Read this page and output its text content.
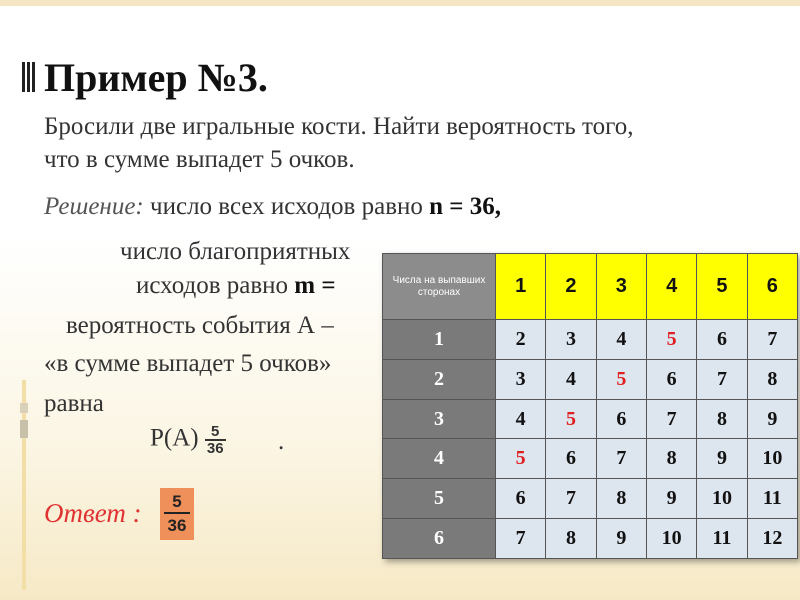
Пример №3.
Бросили две игральные кости. Найти вероятность того,
что в сумме выпадет 5 очков.
Решение: число всех исходов равно n = 36,
число благоприятных
исходов равно m =
вероятность события А –
«в сумме выпадет 5 очков»
равна
$P(A) \frac{5}{36}$ .
Ответ : $\frac{5}{36}$
Числа на выпавших сторонах	1	2	3	4	5	6
1	2	3	4	5	6	7
2	3	4	5	6	7	8
3	4	5	6	7	8	9
4	5	6	7	8	9	10
5	6	7	8	9	10	11
6	7	8	9	10	11	12
